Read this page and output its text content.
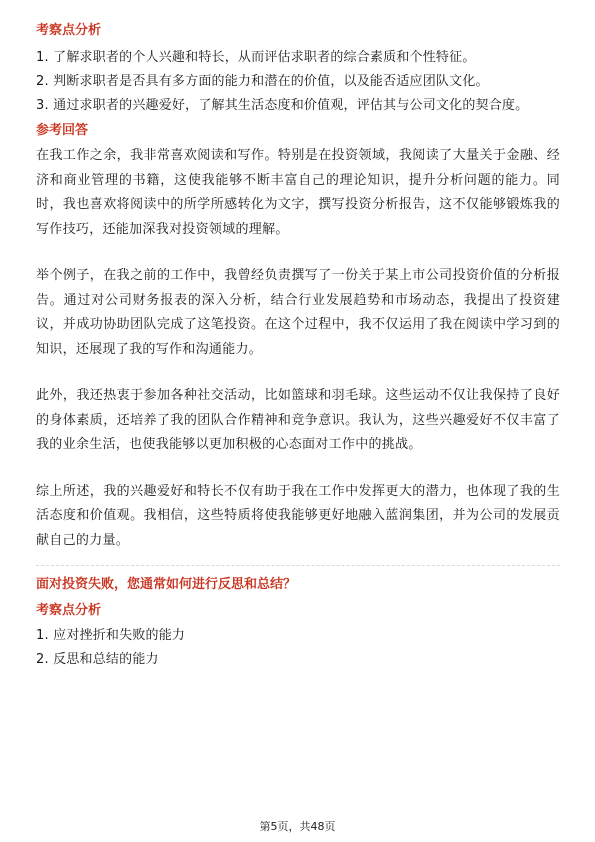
考察点分析

1. 了解求职者的个人兴趣和特长，从而评估求职者的综合素质和个性特征。

2. 判断求职者是否具有多方面的能力和潜在的价值，以及能否适应团队文化。

3. 通过求职者的兴趣爱好，了解其生活态度和价值观，评估其与公司文化的契合度。

参考回答

在我工作之余，我非常喜欢阅读和写作。特别是在投资领域，我阅读了大量关于金融、经济和商业管理的书籍，这使我能够不断丰富自己的理论知识，提升分析问题的能力。同时，我也喜欢将阅读中的所学所感转化为文字，撰写投资分析报告，这不仅能够锻炼我的写作技巧，还能加深我对投资领域的理解。

举个例子，在我之前的工作中，我曾经负责撰写了一份关于某上市公司投资价值的分析报告。通过对公司财务报表的深入分析，结合行业发展趋势和市场动态，我提出了投资建议，并成功协助团队完成了这笔投资。在这个过程中，我不仅运用了我在阅读中学习到的知识，还展现了我的写作和沟通能力。

此外，我还热衷于参加各种社交活动，比如篮球和羽毛球。这些运动不仅让我保持了良好的身体素质，还培养了我的团队合作精神和竞争意识。我认为，这些兴趣爱好不仅丰富了我的业余生活，也使我能够以更加积极的心态面对工作中的挑战。

综上所述，我的兴趣爱好和特长不仅有助于我在工作中发挥更大的潜力，也体现了我的生活态度和价值观。我相信，这些特质将使我能够更好地融入蓝润集团，并为公司的发展贡献自己的力量。

面对投资失败，您通常如何进行反思和总结？

考察点分析

1. 应对挫折和失败的能力

2. 反思和总结的能力

第5页，共48页
